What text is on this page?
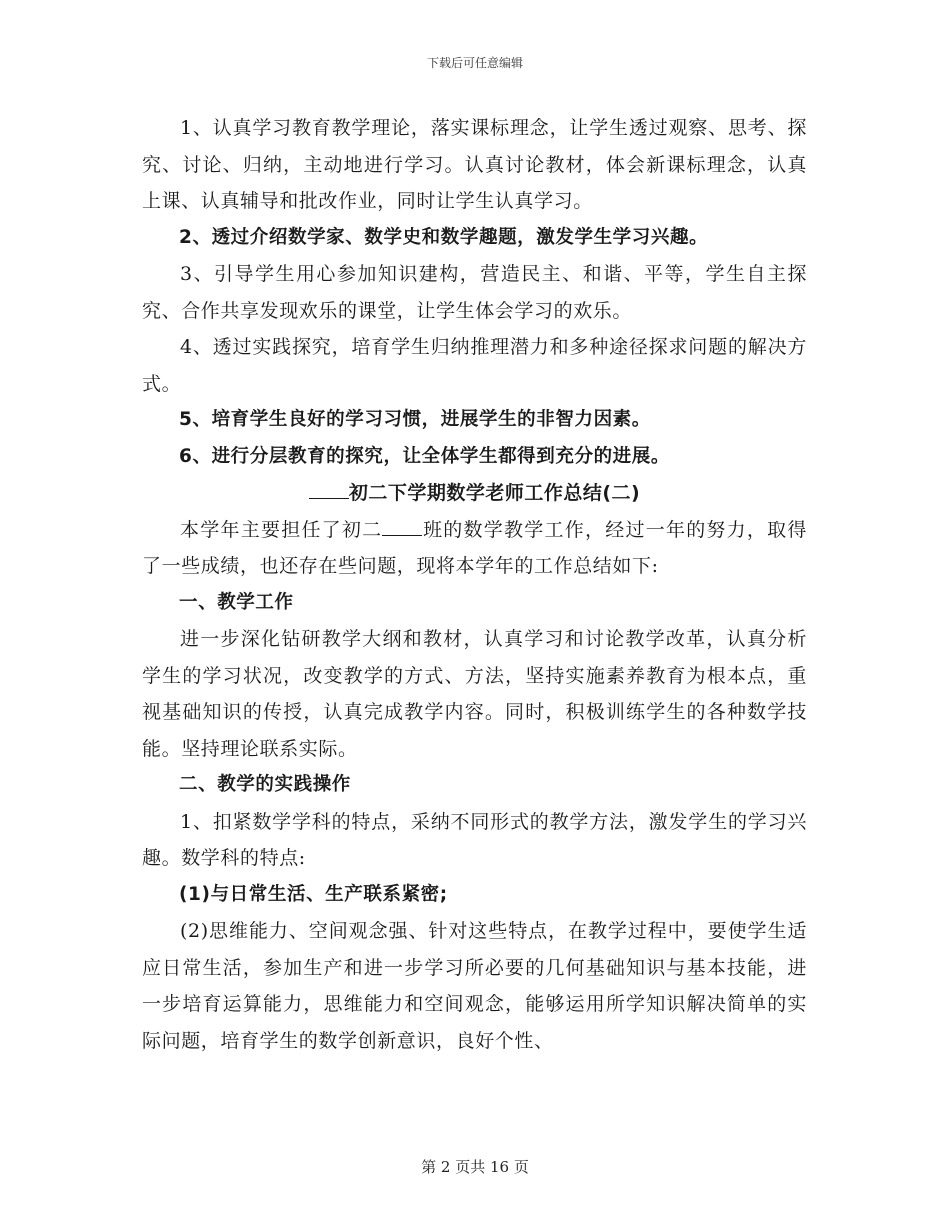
下载后可任意编辑

1、认真学习教育教学理论，落实课标理念，让学生透过观察、思考、探究、讨论、归纳，主动地进行学习。认真讨论教材，体会新课标理念，认真上课、认真辅导和批改作业，同时让学生认真学习。

2、透过介绍数学家、数学史和数学趣题，激发学生学习兴趣。

3、引导学生用心参加知识建构，营造民主、和谐、平等，学生自主探究、合作共享发现欢乐的课堂，让学生体会学习的欢乐。

4、透过实践探究，培育学生归纳推理潜力和多种途径探求问题的解决方式。

5、培育学生良好的学习习惯，进展学生的非智力因素。

6、进行分层教育的探究，让全体学生都得到充分的进展。

初二下学期数学老师工作总结(二)

本学年主要担任了初二 班的数学教学工作，经过一年的努力，取得了一些成绩，也还存在些问题，现将本学年的工作总结如下:

一、教学工作

进一步深化钻研教学大纲和教材，认真学习和讨论教学改革，认真分析学生的学习状况，改变教学的方式、方法，坚持实施素养教育为根本点，重视基础知识的传授，认真完成教学内容。同时，积极训练学生的各种数学技能。坚持理论联系实际。

二、教学的实践操作

1、扣紧数学学科的特点，采纳不同形式的教学方法，激发学生的学习兴趣。数学科的特点:

(1)与日常生活、生产联系紧密;

(2)思维能力、空间观念强、针对这些特点，在教学过程中，要使学生适应日常生活，参加生产和进一步学习所必要的几何基础知识与基本技能，进一步培育运算能力，思维能力和空间观念，能够运用所学知识解决简单的实际问题，培育学生的数学创新意识，良好个性、

第 2 页共 16 页
